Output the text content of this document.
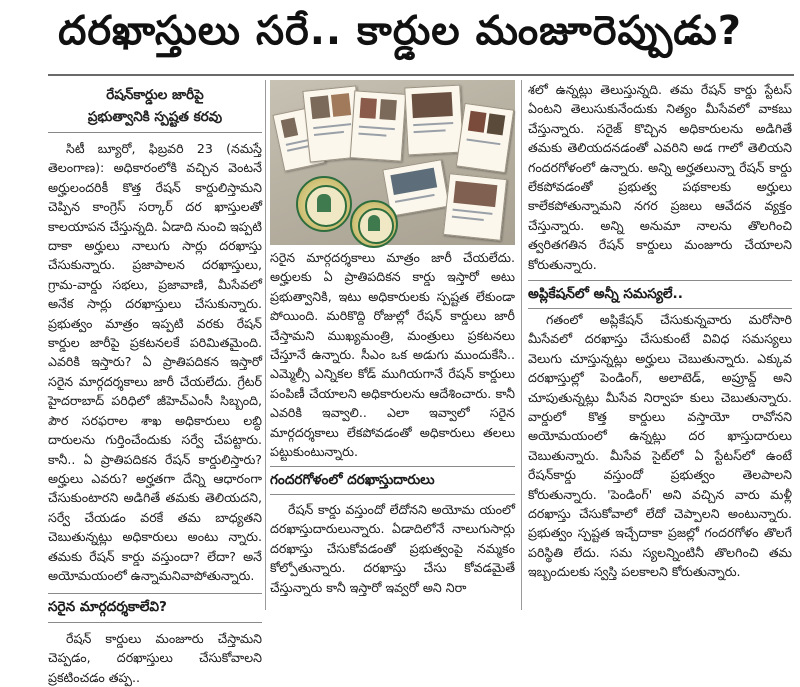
దరఖాస్తులు సరే.. కార్డుల మంజూరెప్పుడు?
రేషన్‌కార్డుల జారీపై
ప్రభుత్వానికి స్పష్టత కరవు

సిటీ బ్యూరో, ఫిబ్రవరి 23 (నమస్తే తెలంగాణ): అధికారంలోకి వచ్చిన వెంటనే అర్హులందరికీ కొత్త రేషన్ కార్డులిస్తామని చెప్పిన కాంగ్రెస్ సర్కార్ దర ఖాస్తులతో కాలయాపన చేస్తున్నది. ఏడాది నుంచి ఇప్పటి దాకా అర్హులు నాలుగు సార్లు దరఖాస్తు చేసుకున్నారు. ప్రజాపాలన దరఖాస్తులు, గ్రామ-వార్డు సభలు, ప్రజావాణి, మీసేవలో అనేక సార్లు దరఖాస్తులు చేసుకున్నారు. ప్రభుత్వం మాత్రం ఇప్పటి వరకు రేషన్ కార్డుల జారీపై ప్రకటనలకే పరిమితమైంది. ఎవరికి ఇస్తారు? ఏ ప్రాతిపదికన ఇస్తారో సరైన మార్గదర్శకాలు జారీ చేయలేదు. గ్రేటర్ హైదరాబాద్ పరిధిలో జీహెచ్ఎంసీ సిబ్బంది, పౌర సరఫరాల శాఖ అధికారులు లబ్ధి దారులను గుర్తించేందుకు సర్వే చేపట్టారు. కానీ.. ఏ ప్రాతిపదికన రేషన్ కార్డులిస్తారు? అర్హులు ఎవరు? అర్హతగా దేన్ని ఆధారంగా చేసుకుంటారని అడిగితే తమకు తెలియదని, సర్వే చేయడం వరకే తమ బాధ్యతని చెబుతున్నట్లు అధికారులు అంటు న్నారు. తమకు రేషన్ కార్డు వస్తుందా? లేదా? అనే అయోమయంలో ఉన్నామనివాపోతున్నారు.

సరైన మార్గదర్శకాలేవి?

రేషన్ కార్డులు మంజూరు చేస్తామని చెప్పడం, దరఖాస్తులు చేసుకోవాలని ప్రకటించడం తప్ప..

సరైన మార్గదర్శకాలు మాత్రం జారీ చేయలేదు. అర్హులకు ఏ ప్రాతిపదికన కార్డు ఇస్తారో అటు ప్రభుత్వానికి, ఇటు అధికారులకు స్పష్టత లేకుండా పోయింది. మరికొద్ది రోజుల్లో రేషన్ కార్డులు జారీ చేస్తామని ముఖ్యమంత్రి, మంత్రులు ప్రకటనలు చేస్తూనే ఉన్నారు. సీఎం ఒక అడుగు ముందుకేసి.. ఎమ్మెల్సీ ఎన్నికల కోడ్ ముగియగానే రేషన్ కార్డులు పంపిణీ చేయాలని అధికారులను ఆదేశించారు. కానీ ఎవరికి ఇవ్వాలి.. ఎలా ఇవ్వాలో సరైన మార్గదర్శకాలు లేకపోవడంతో అధికారులు తలలు పట్టుకుంటున్నారు.

గందరగోళంలో దరఖాస్తుదారులు

రేషన్ కార్డు వస్తుందో లేదోనని అయోమ యంలో దరఖాస్తుదారులున్నారు. ఏడాదిలోనే నాలుగుసార్లు దరఖాస్తు చేసుకోవడంతో ప్రభుత్వంపై నమ్మకం కోల్పోతున్నారు. దరఖాస్తు చేసు కోవడమైతే చేస్తున్నారు కానీ ఇస్తారో ఇవ్వరో అని నిరా

శలో ఉన్నట్లు తెలుస్తున్నది. తమ రేషన్ కార్డు స్టేటస్ ఏంటని తెలుసుకునేందుకు నిత్యం మీసేవలో వాకబు చేస్తున్నారు. సరైజ్ కొచ్చిన అధికారులను అడిగితే తమకు తెలియదనడంతో ఎవరిని అడ గాలో తెలియని గందరగోళంలో ఉన్నారు. అన్ని అర్హతలున్నా రేషన్ కార్డు లేకపోవడంతో ప్రభుత్వ పథకాలకు అర్హులు కాలేకపోతున్నామని నగర ప్రజలు ఆవేదన వ్యక్తం చేస్తున్నారు. అన్ని అనుమా నాలను తొలగించి త్వరితగతిన రేషన్ కార్డులు మంజూరు చేయాలని కోరుతున్నారు.

అప్లికేషన్‌లో అన్నీ సమస్యలే..

గతంలో అప్లికేషన్ చేసుకున్నవారు మరోసారి మీసేవలో దరఖాస్తు చేసుకుంటే వివిధ సమస్యలు వెలుగు చూస్తున్నట్లు అర్హులు చెబుతున్నారు. ఎక్కువ దరఖాస్తుల్లో పెండింగ్, అలాటెడ్, అప్రూవ్డ్ అని చూపుతున్నట్లు మీసేవ నిర్వాహ కులు చెబుతున్నారు. వార్డులో కొత్త కార్డులు వస్తాయో రావోనని అయోమయంలో ఉన్నట్లు దర ఖాస్తుదారులు చెబుతున్నారు. మీసేవ సైట్‌లో ఏ స్టేటస్‌లో ఉంటే రేషన్‌కార్డు వస్తుందో ప్రభుత్వం తెలపాలని కోరుతున్నారు. 'పెండింగ్' అని వచ్చిన వారు మళ్లీ దరఖాస్తు చేసుకోవాలో లేదో చెప్పాలని అంటున్నారు. ప్రభుత్వం స్పష్టత ఇచ్చేదాకా ప్రజల్లో గందరగోళం తొలగే పరిస్థితి లేదు. సమ స్యలన్నింటినీ తొలగించి తమ ఇబ్బందులకు స్వస్తి పలకాలని కోరుతున్నారు.
